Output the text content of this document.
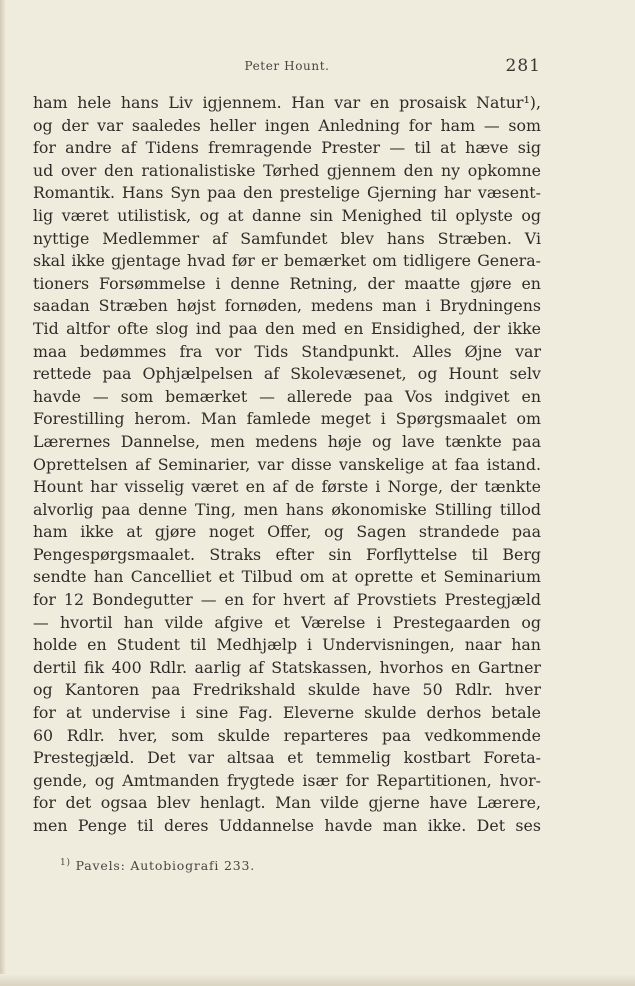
Peter Hount.	281
ham hele hans Liv igjennem. Han var en prosaisk Natur¹),
og der var saaledes heller ingen Anledning for ham — som
for andre af Tidens fremragende Prester — til at hæve sig
ud over den rationalistiske Tørhed gjennem den ny opkomne
Romantik. Hans Syn paa den prestelige Gjerning har væsent-
lig været utilistisk, og at danne sin Menighed til oplyste og
nyttige Medlemmer af Samfundet blev hans Stræben. Vi
skal ikke gjentage hvad før er bemærket om tidligere Genera-
tioners Forsømmelse i denne Retning, der maatte gjøre en
saadan Stræben højst fornøden, medens man i Brydningens
Tid altfor ofte slog ind paa den med en Ensidighed, der ikke
maa bedømmes fra vor Tids Standpunkt. Alles Øjne var
rettede paa Ophjælpelsen af Skolevæsenet, og Hount selv
havde — som bemærket — allerede paa Vos indgivet en
Forestilling herom. Man famlede meget i Spørgsmaalet om
Lærernes Dannelse, men medens høje og lave tænkte paa
Oprettelsen af Seminarier, var disse vanskelige at faa istand.
Hount har visselig været en af de første i Norge, der tænkte
alvorlig paa denne Ting, men hans økonomiske Stilling tillod
ham ikke at gjøre noget Offer, og Sagen strandede paa
Pengespørgsmaalet. Straks efter sin Forflyttelse til Berg
sendte han Cancelliet et Tilbud om at oprette et Seminarium
for 12 Bondegutter — en for hvert af Provstiets Prestegjæld
— hvortil han vilde afgive et Værelse i Prestegaarden og
holde en Student til Medhjælp i Undervisningen, naar han
dertil fik 400 Rdlr. aarlig af Statskassen, hvorhos en Gartner
og Kantoren paa Fredrikshald skulde have 50 Rdlr. hver
for at undervise i sine Fag. Eleverne skulde derhos betale
60 Rdlr. hver, som skulde reparteres paa vedkommende
Prestegjæld. Det var altsaa et temmelig kostbart Foreta-
gende, og Amtmanden frygtede især for Repartitionen, hvor-
for det ogsaa blev henlagt. Man vilde gjerne have Lærere,
men Penge til deres Uddannelse havde man ikke. Det ses
$^{1)}$ Pavels: Autobiografi 233.
